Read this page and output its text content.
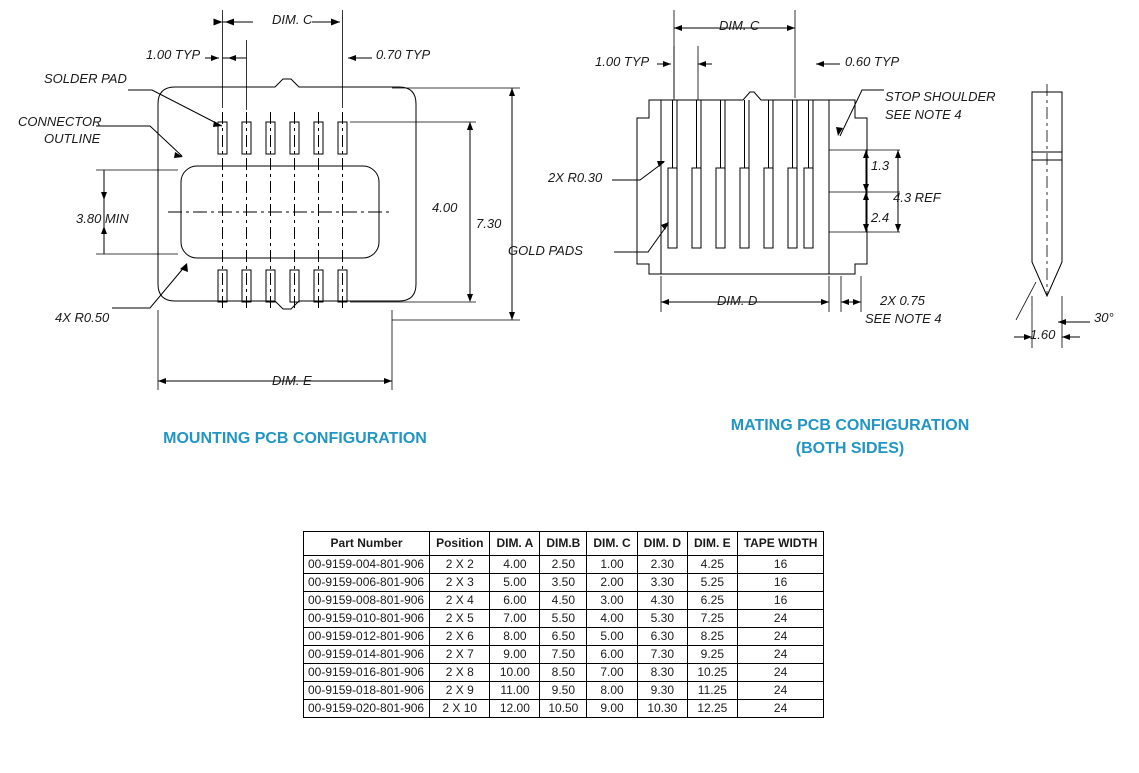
DIM. C
1.00 TYP	0.70 TYP
SOLDER PAD
CONNECTOR
OUTLINE
3.80 MIN
4.00
7.30
4X R0.50
DIM. E
DIM. C
1.00 TYP	0.60 TYP
STOP SHOULDER
SEE NOTE 4
2X R0.30
GOLD PADS
1.3
4.3 REF
2.4
DIM. D	2X 0.75
SEE NOTE 4	30°
1.60
MOUNTING PCB CONFIGURATION
MATING PCB CONFIGURATION
(BOTH SIDES)
Part Number	Position	DIM. A	DIM.B	DIM. C	DIM. D	DIM. E	TAPE WIDTH
00-9159-004-801-906	2 X 2	4.00	2.50	1.00	2.30	4.25	16
00-9159-006-801-906	2 X 3	5.00	3.50	2.00	3.30	5.25	16
00-9159-008-801-906	2 X 4	6.00	4.50	3.00	4.30	6.25	16
00-9159-010-801-906	2 X 5	7.00	5.50	4.00	5.30	7.25	24
00-9159-012-801-906	2 X 6	8.00	6.50	5.00	6.30	8.25	24
00-9159-014-801-906	2 X 7	9.00	7.50	6.00	7.30	9.25	24
00-9159-016-801-906	2 X 8	10.00	8.50	7.00	8.30	10.25	24
00-9159-018-801-906	2 X 9	11.00	9.50	8.00	9.30	11.25	24
00-9159-020-801-906	2 X 10	12.00	10.50	9.00	10.30	12.25	24
